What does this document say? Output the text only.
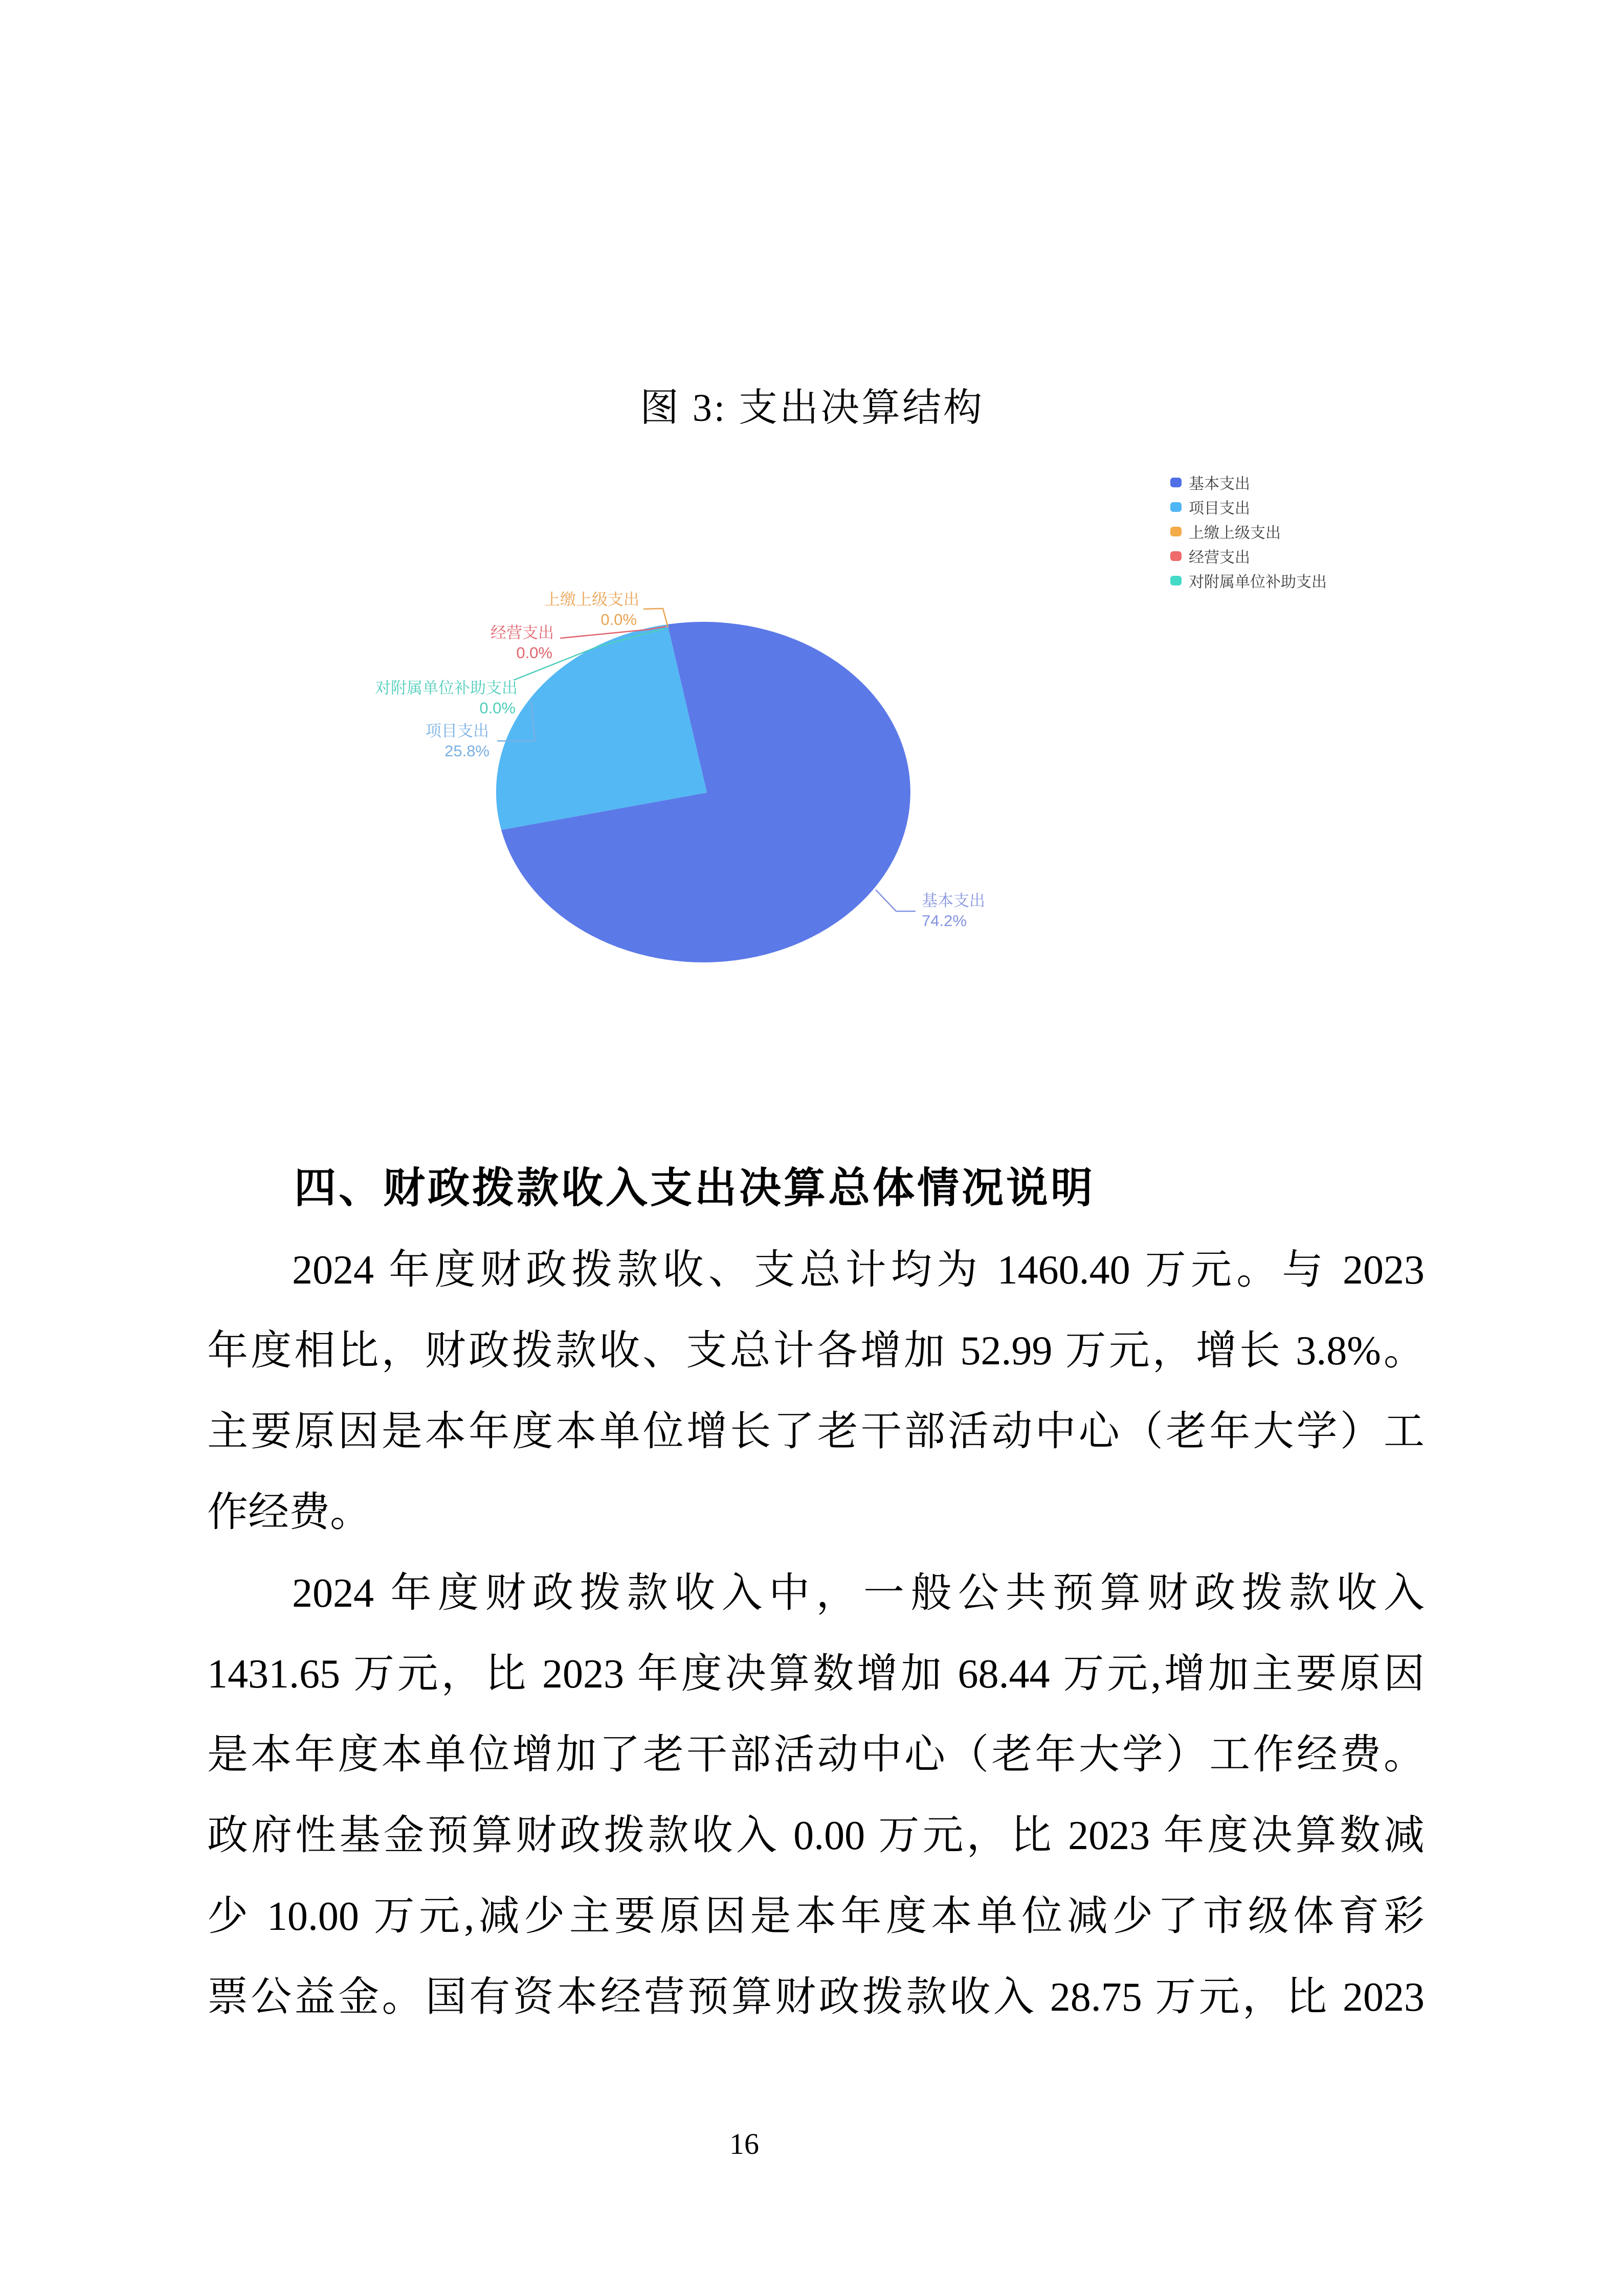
图 3: 支出决算结构
上缴上级支出
0.0%
经营支出
0.0%
对附属单位补助支出
0.0%
项目支出
25.8%
基本支出
74.2%
基本支出
项目支出
上缴上级支出
经营支出
对附属单位补助支出
四、财政拨款收入支出决算总体情况说明
2024 年度财政拨款收、支总计均为 1460.40 万元。与 2023
年度相比，财政拨款收、支总计各增加 52.99 万元，增长 3.8%。
主要原因是本年度本单位增长了老干部活动中心（老年大学）工
作经费。
2024 年度财政拨款收入中，一般公共预算财政拨款收入
1431.65 万元，比 2023 年度决算数增加 68.44 万元,增加主要原因
是本年度本单位增加了老干部活动中心（老年大学）工作经费。
政府性基金预算财政拨款收入 0.00 万元，比 2023 年度决算数减
少 10.00 万元,减少主要原因是本年度本单位减少了市级体育彩
票公益金。国有资本经营预算财政拨款收入 28.75 万元，比 2023
16
